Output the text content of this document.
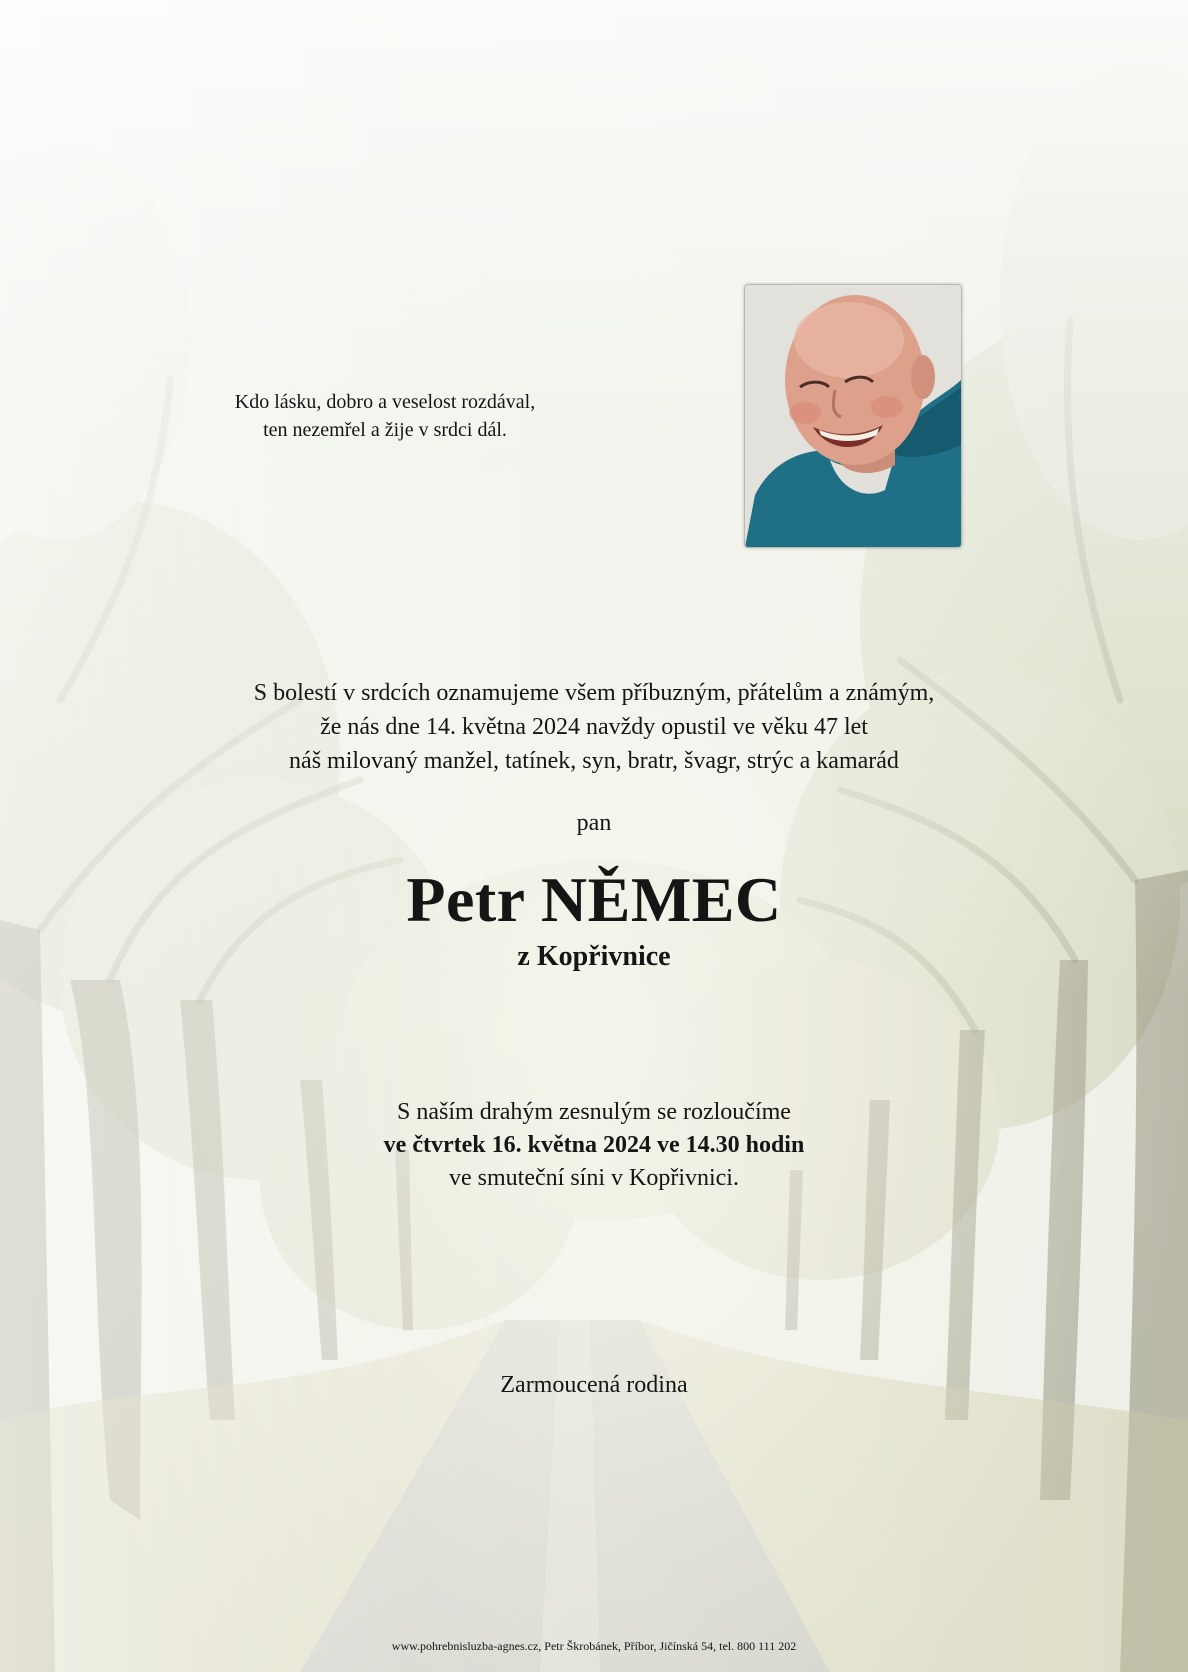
Kdo lásku, dobro a veselost rozdával,
ten nezemřel a žije v srdci dál.
S bolestí v srdcích oznamujeme všem příbuzným, přátelům a známým,
že nás dne 14. května 2024 navždy opustil ve věku 47 let
náš milovaný manžel, tatínek, syn, bratr, švagr, strýc a kamarád
pan
Petr NĚMEC
z Kopřivnice
S naším drahým zesnulým se rozloučíme
ve čtvrtek 16. května 2024 ve 14.30 hodin
ve smuteční síni v Kopřivnici.
Zarmoucená rodina
www.pohrebnisluzba-agnes.cz, Petr Škrobánek, Příbor, Jičínská 54, tel. 800 111 202
